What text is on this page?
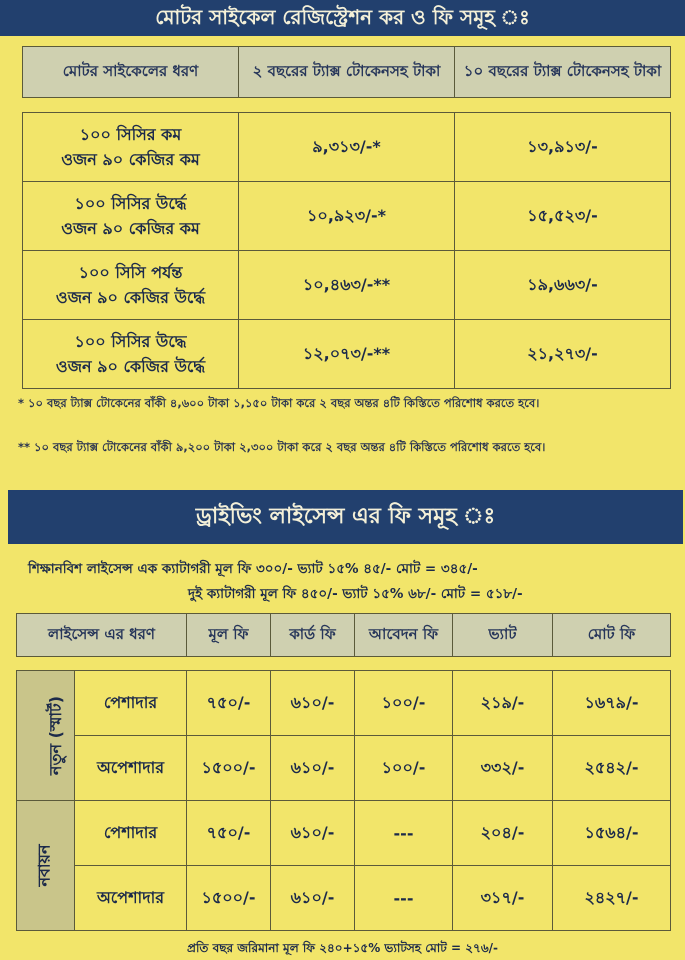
মোটর সাইকেল রেজিস্ট্রেশন কর ও ফি সমূহ ঃ
মোটর সাইকেলের ধরণ	২ বছরের ট্যাক্স টোকেনসহ টাকা	১০ বছরের ট্যাক্স টোকেনসহ টাকা
১০০ সিসির কম
ওজন ৯০ কেজির কম	৯,৩১৩/-*	১৩,৯১৩/-
১০০ সিসির উর্দ্ধে
ওজন ৯০ কেজির কম	১০,৯২৩/-*	১৫,৫২৩/-
১০০ সিসি পর্যন্ত
ওজন ৯০ কেজির উর্দ্ধে	১০,৪৬৩/-**	১৯,৬৬৩/-
১০০ সিসির উদ্ধে
ওজন ৯০ কেজির উর্দ্ধে	১২,০৭৩/-**	২১,২৭৩/-
* ১০ বছর ট্যাক্স টোকেনের বাঁকী ৪,৬০০ টাকা ১,১৫০ টাকা করে ২ বছর অন্তর ৪টি কিস্তিতে পরিশোধ করতে হবে।
** ১০ বছর ট্যাক্স টোকেনের বাঁকী ৯,২০০ টাকা ২,৩০০ টাকা করে ২ বছর অন্তর ৪টি কিস্তিতে পরিশোধ করতে হবে।
ড্রাইভিং লাইসেন্স এর ফি সমূহ ঃ
শিক্ষানবিশ লাইসেন্স এক ক্যাটাগরী মূল ফি ৩০০/- ভ্যাট ১৫% ৪৫/- মোট = ৩৪৫/-
দুই ক্যাটাগরী মূল ফি ৪৫০/- ভ্যাট ১৫% ৬৮/- মোট = ৫১৮/-
লাইসেন্স এর ধরণ	মূল ফি	কার্ড ফি	আবেদন ফি	ভ্যাট	মোট ফি
নতুন (স্মার্ট)	পেশাদার	৭৫০/-	৬১০/-	১০০/-	২১৯/-	১৬৭৯/-
	অপেশাদার	১৫০০/-	৬১০/-	১০০/-	৩৩২/-	২৫৪২/-
নবায়ন	পেশাদার	৭৫০/-	৬১০/-	---	২০৪/-	১৫৬৪/-
	অপেশাদার	১৫০০/-	৬১০/-	---	৩১৭/-	২৪২৭/-
প্রতি বছর জরিমানা মূল ফি ২৪০+১৫% ভ্যাটসহ মোট = ২৭৬/-
